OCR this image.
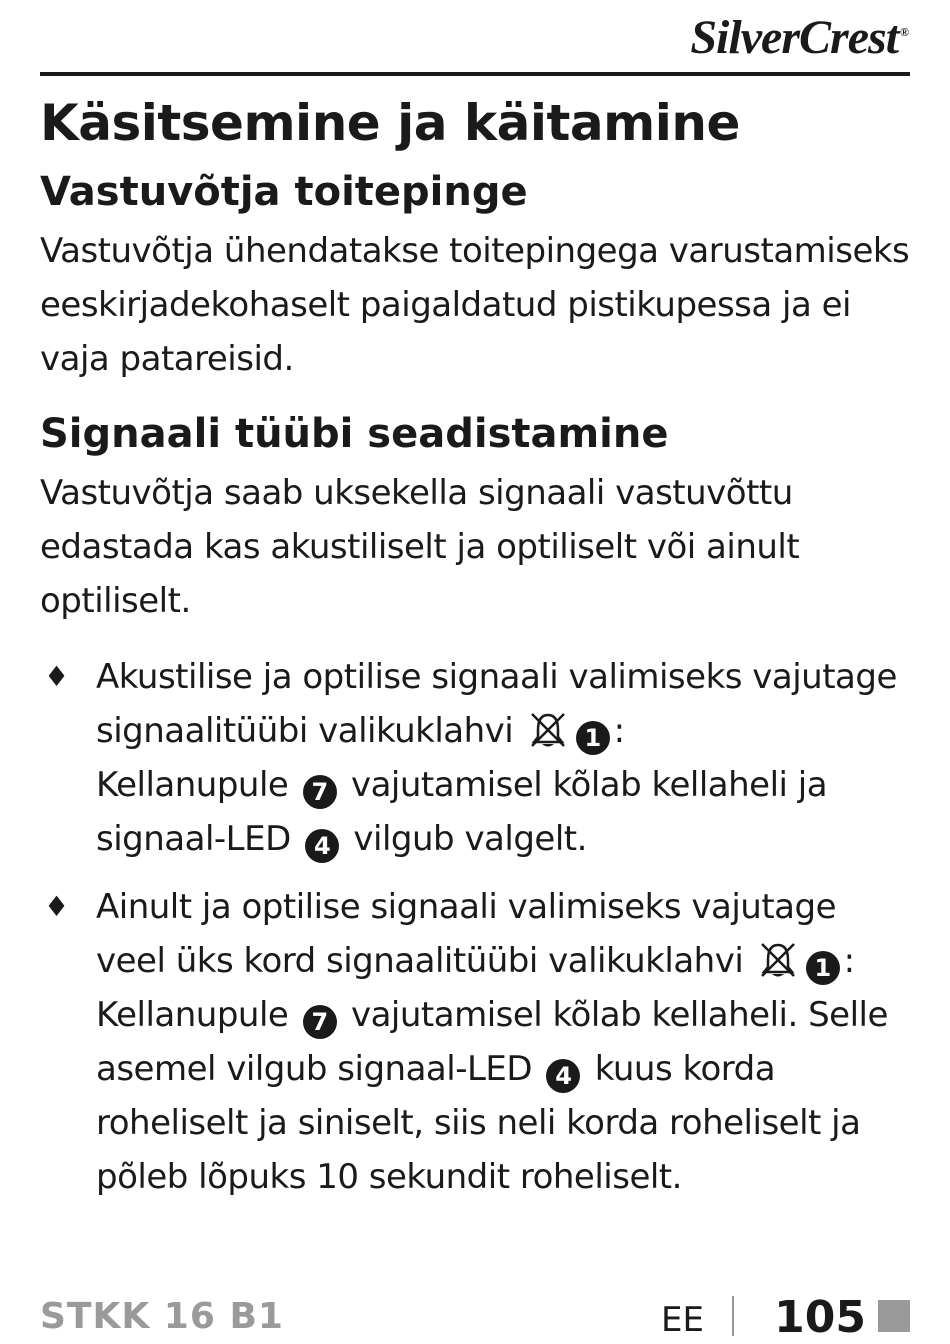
SilverCrest ®
Käsitsemine ja käitamine
Vastuvõtja toitepinge

Vastuvõtja ühendatakse toitepingega varustamiseks eeskirjadekohaselt paigaldatud pistikupessa ja ei vaja patareisid.

Signaali tüübi seadistamine

Vastuvõtja saab uksekella signaali vastuvõttu edastada kas akustiliselt ja optiliselt või ainult optiliselt.

♦ Akustilise ja optilise signaali valimiseks vajutage signaalitüübi valikuklahvi	1 :
Kellanupule 7 vajutamisel kõlab kellaheli ja signaal-LED 4 vilgub valgelt.
♦ Ainult ja optilise signaali valimiseks vajutage veel üks kord signaalitüübi valikuklahvi	1 :
Kellanupule 7 vajutamisel kõlab kellaheli. Selle asemel vilgub signaal-LED 4 kuus korda roheliselt ja siniselt, siis neli korda roheliselt ja põleb lõpuks 10 sekundit roheliselt.
STKK 16 B1	EE 105
